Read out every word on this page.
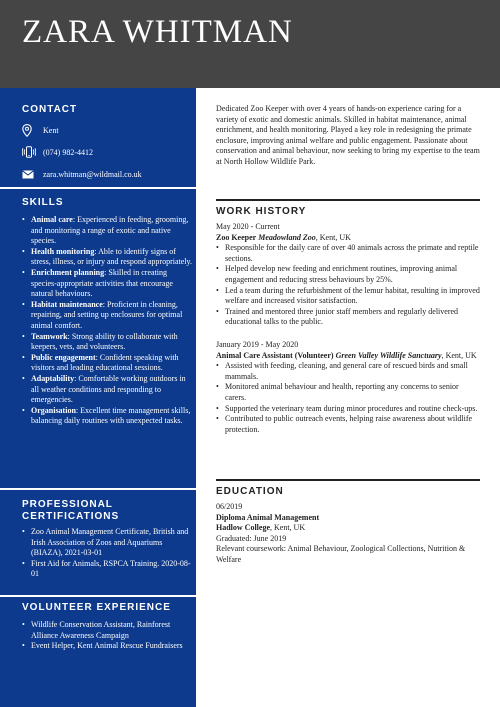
ZARA WHITMAN
CONTACT
Kent
(074) 982-4412
zara.whitman@wildmail.co.uk
SKILLS
• Animal care: Experienced in feeding, grooming, and monitoring a range of exotic and native species.
• Health monitoring: Able to identify signs of stress, illness, or injury and respond appropriately.
• Enrichment planning: Skilled in creating species-appropriate activities that encourage natural behaviours.
• Habitat maintenance: Proficient in cleaning, repairing, and setting up enclosures for optimal animal comfort.
• Teamwork: Strong ability to collaborate with keepers, vets, and volunteers.
• Public engagement: Confident speaking with visitors and leading educational sessions.
• Adaptability: Comfortable working outdoors in all weather conditions and responding to emergencies.
• Organisation: Excellent time management skills, balancing daily routines with unexpected tasks.
PROFESSIONAL
CERTIFICATIONS
• Zoo Animal Management Certificate, British and Irish Association of Zoos and Aquariums (BIAZA), 2021-03-01
• First Aid for Animals, RSPCA Training. 2020-08-01
VOLUNTEER EXPERIENCE
• Wildlife Conservation Assistant, Rainforest Alliance Awareness Campaign
• Event Helper, Kent Animal Rescue Fundraisers

Dedicated Zoo Keeper with over 4 years of hands-on experience caring for a variety of exotic and domestic animals. Skilled in habitat maintenance, animal enrichment, and health monitoring. Played a key role in redesigning the primate enclosure, improving animal welfare and public engagement. Passionate about conservation and animal behaviour, now seeking to bring my expertise to the team at North Hollow Wildlife Park.

WORK HISTORY
May 2020 - Current
Zoo Keeper Meadowland Zoo, Kent, UK
• Responsible for the daily care of over 40 animals across the primate and reptile sections.
• Helped develop new feeding and enrichment routines, improving animal engagement and reducing stress behaviours by 25%.
• Led a team during the refurbishment of the lemur habitat, resulting in improved welfare and increased visitor satisfaction.
• Trained and mentored three junior staff members and regularly delivered educational talks to the public.
January 2019 - May 2020
Animal Care Assistant (Volunteer) Green Valley Wildlife Sanctuary, Kent, UK
• Assisted with feeding, cleaning, and general care of rescued birds and small mammals.
• Monitored animal behaviour and health, reporting any concerns to senior carers.
• Supported the veterinary team during minor procedures and routine check-ups.
• Contributed to public outreach events, helping raise awareness about wildlife protection.
EDUCATION
06/2019
Diploma Animal Management
Hadlow College, Kent, UK
Graduated: June 2019
Relevant coursework: Animal Behaviour, Zoological Collections, Nutrition & Welfare
